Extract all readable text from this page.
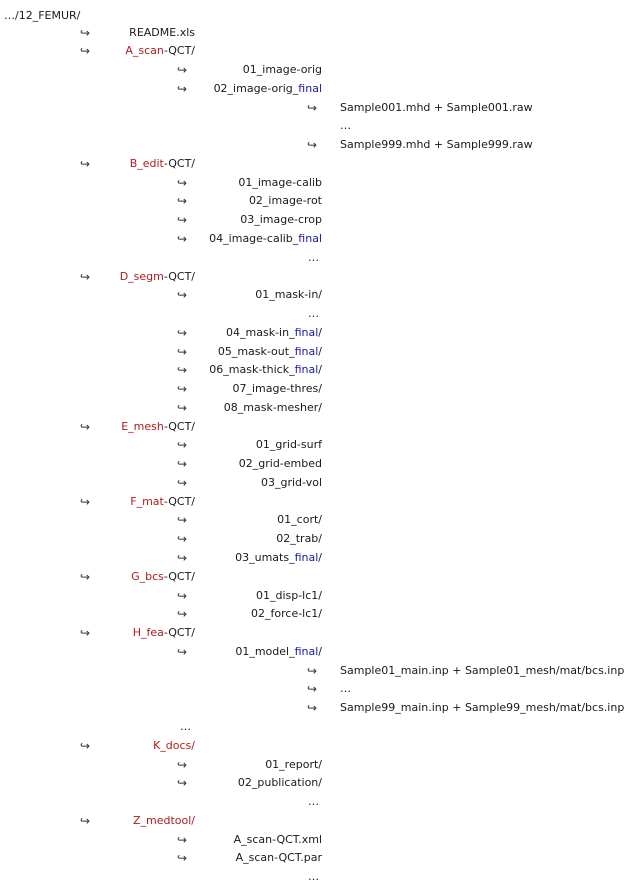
…/12_FEMUR/
↪	README.xls
↪	A_scan-QCT/
↪	01_image-orig
↪	02_image-orig_final
↪	Sample001.mhd + Sample001.raw
…
↪	Sample999.mhd + Sample999.raw
↪	B_edit-QCT/
↪	01_image-calib
↪	02_image-rot
↪	03_image-crop
↪	04_image-calib_final
…
↪	D_segm-QCT/
↪	01_mask-in/
…
↪	04_mask-in_final/
↪	05_mask-out_final/
↪	06_mask-thick_final/
↪	07_image-thres/
↪	08_mask-mesher/
↪	E_mesh-QCT/
↪	01_grid-surf
↪	02_grid-embed
↪	03_grid-vol
↪	F_mat-QCT/
↪	01_cort/
↪	02_trab/
↪	03_umats_final/
↪	G_bcs-QCT/
↪	01_disp-lc1/
↪	02_force-lc1/
↪	H_fea-QCT/
↪	01_model_final/
↪	Sample01_main.inp + Sample01_mesh/mat/bcs.inp
↪	…
↪	Sample99_main.inp + Sample99_mesh/mat/bcs.inp
…
↪	K_docs/
↪	01_report/
↪	02_publication/
…
↪	Z_medtool/
↪	A_scan-QCT.xml
↪	A_scan-QCT.par
…
